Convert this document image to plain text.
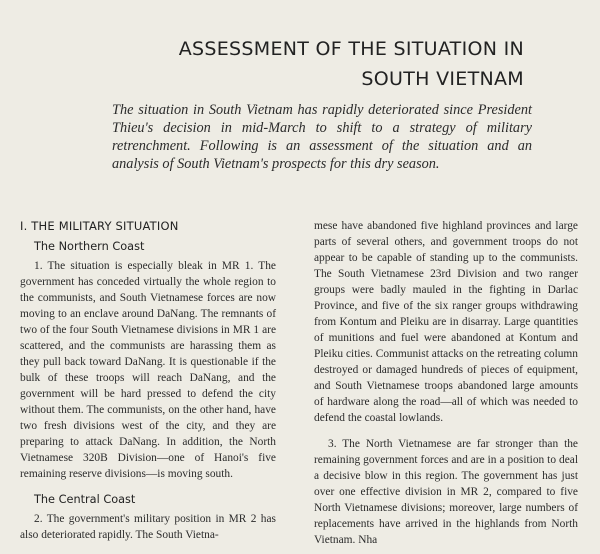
ASSESSMENT OF THE SITUATION IN
SOUTH VIETNAM
The situation in South Vietnam has rapidly deteriorated since President Thieu's decision in mid-March to shift to a strategy of military retrenchment. Following is an assessment of the situation and an analysis of South Vietnam's prospects for this dry season.
I. THE MILITARY SITUATION
The Northern Coast

1. The situation is especially bleak in MR 1. The government has conceded virtually the whole region to the communists, and South Vietnamese forces are now moving to an enclave around DaNang. The remnants of two of the four South Vietnamese divisions in MR 1 are scattered, and the communists are harassing them as they pull back toward DaNang. It is questionable if the bulk of these troops will reach DaNang, and the government will be hard pressed to defend the city without them. The communists, on the other hand, have two fresh divisions west of the city, and they are preparing to attack DaNang. In addition, the North Vietnamese 320B Division—one of Hanoi's five remaining reserve divisions—is moving south.

The Central Coast

2. The government's military position in MR 2 has also deteriorated rapidly. The South Vietna-

mese have abandoned five highland provinces and large parts of several others, and government troops do not appear to be capable of standing up to the communists. The South Vietnamese 23rd Division and two ranger groups were badly mauled in the fighting in Darlac Province, and five of the six ranger groups withdrawing from Kontum and Pleiku are in disarray. Large quantities of munitions and fuel were abandoned at Kontum and Pleiku cities. Communist attacks on the retreating column destroyed or damaged hundreds of pieces of equipment, and South Vietnamese troops abandoned large amounts of hardware along the road—all of which was needed to defend the coastal lowlands.

3. The North Vietnamese are far stronger than the remaining government forces and are in a position to deal a decisive blow in this region. The government has just over one effective division in MR 2, compared to five North Vietnamese divisions; moreover, large numbers of replacements have arrived in the highlands from North Vietnam. Nha
